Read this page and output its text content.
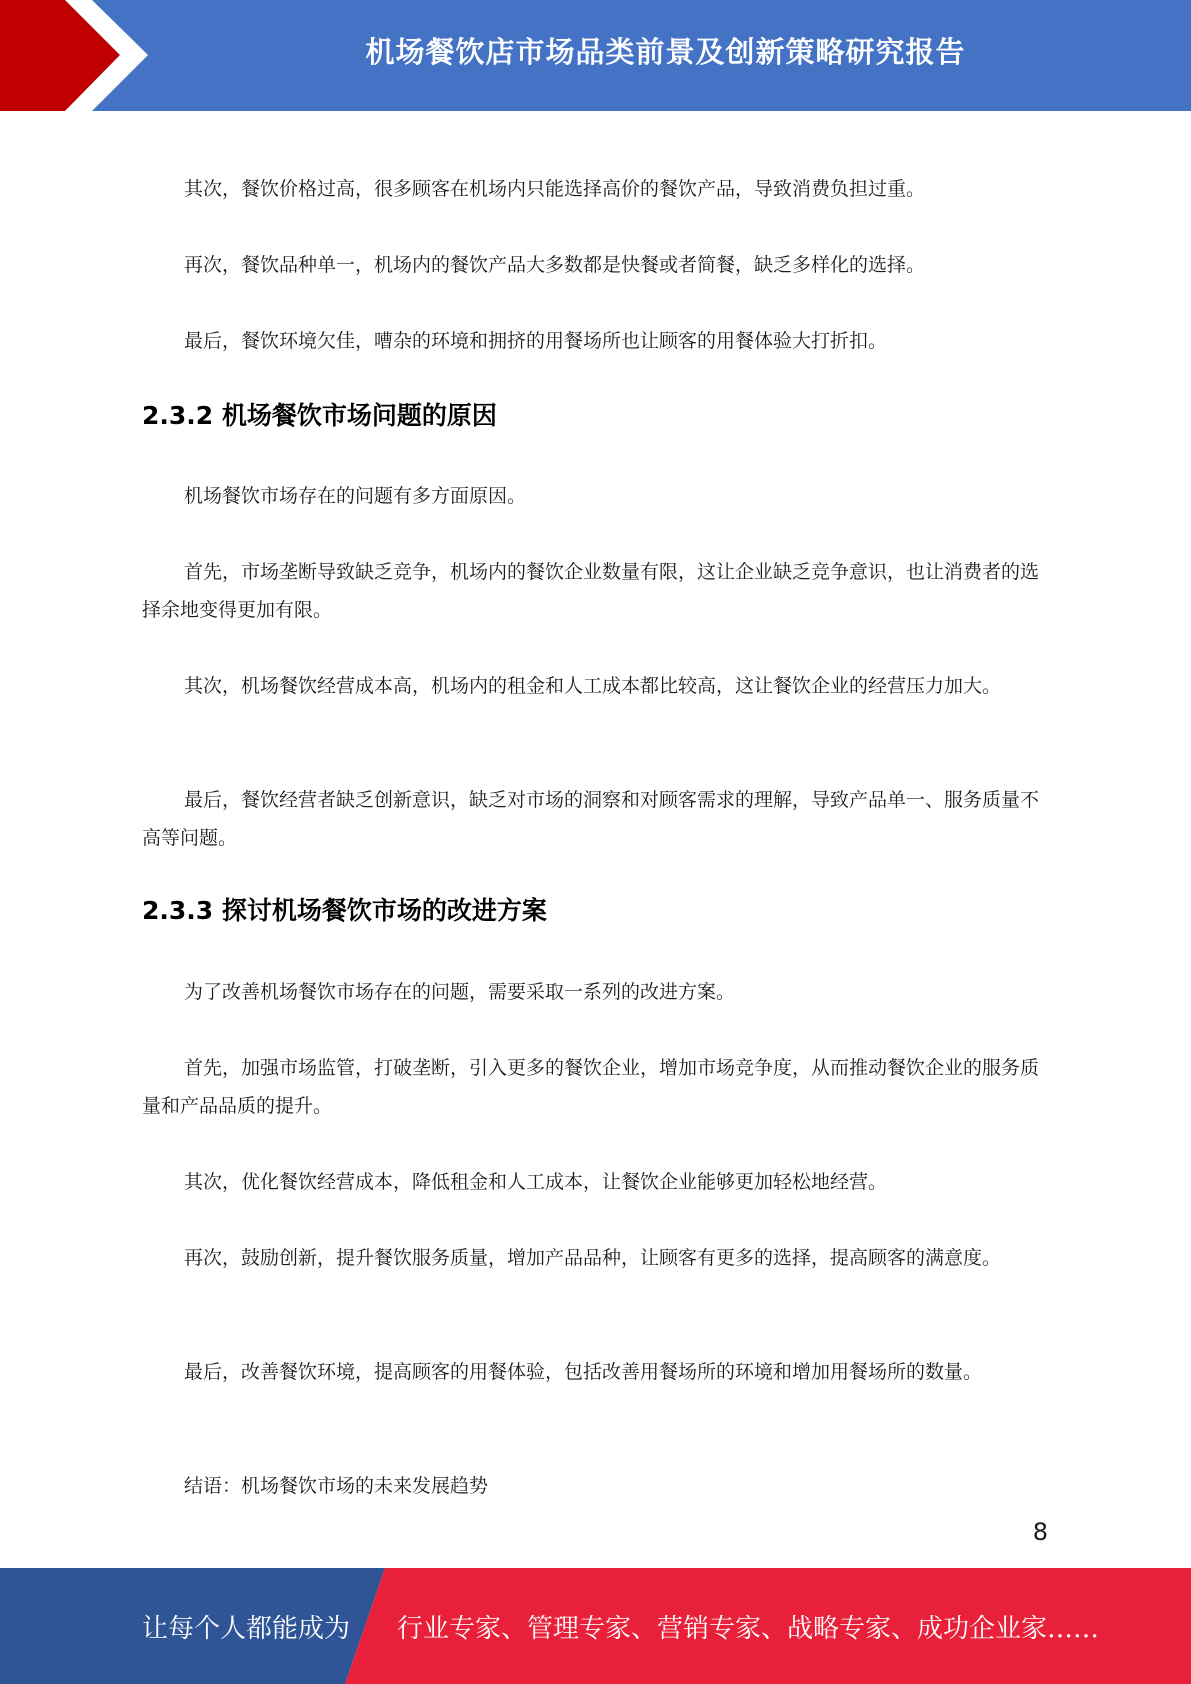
机场餐饮店市场品类前景及创新策略研究报告

其次，餐饮价格过高，很多顾客在机场内只能选择高价的餐饮产品，导致消费负担过重。

再次，餐饮品种单一，机场内的餐饮产品大多数都是快餐或者简餐，缺乏多样化的选择。

最后，餐饮环境欠佳，嘈杂的环境和拥挤的用餐场所也让顾客的用餐体验大打折扣。

2.3.2 机场餐饮市场问题的原因

机场餐饮市场存在的问题有多方面原因。

首先，市场垄断导致缺乏竞争，机场内的餐饮企业数量有限，这让企业缺乏竞争意识，也让消费者的选择余地变得更加有限。

其次，机场餐饮经营成本高，机场内的租金和人工成本都比较高，这让餐饮企业的经营压力加大。

最后，餐饮经营者缺乏创新意识，缺乏对市场的洞察和对顾客需求的理解，导致产品单一、服务质量不高等问题。

2.3.3 探讨机场餐饮市场的改进方案

为了改善机场餐饮市场存在的问题，需要采取一系列的改进方案。

首先，加强市场监管，打破垄断，引入更多的餐饮企业，增加市场竞争度，从而推动餐饮企业的服务质量和产品品质的提升。

其次，优化餐饮经营成本，降低租金和人工成本，让餐饮企业能够更加轻松地经营。

再次，鼓励创新，提升餐饮服务质量，增加产品品种，让顾客有更多的选择，提高顾客的满意度。

最后，改善餐饮环境，提高顾客的用餐体验，包括改善用餐场所的环境和增加用餐场所的数量。

结语：机场餐饮市场的未来发展趋势

8
让每个人都能成为 行业专家、管理专家、营销专家、战略专家、成功企业家……
